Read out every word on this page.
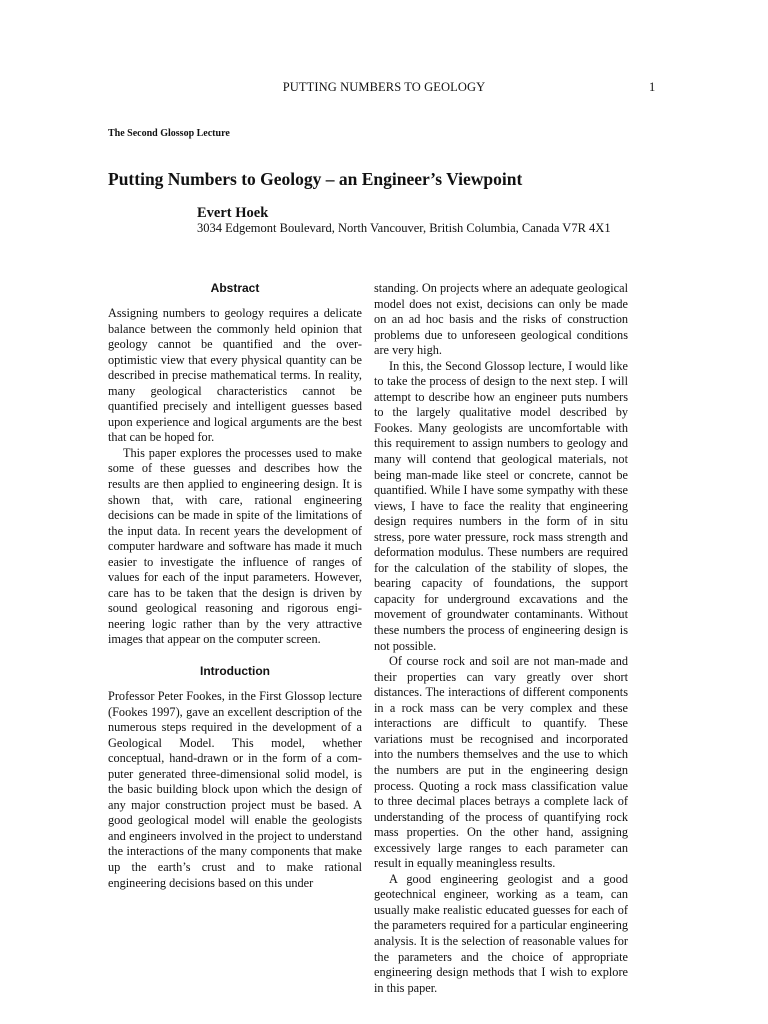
PUTTING NUMBERS TO GEOLOGY	1
The Second Glossop Lecture
Putting Numbers to Geology – an Engineer’s Viewpoint
Evert Hoek
3034 Edgemont Boulevard, North Vancouver, British Columbia, Canada V7R 4X1
Abstract

Assigning numbers to geology requires a delicate balance between the commonly held opinion that geology cannot be quantified and the over-optimistic view that every physical quantity can be described in precise mathematical terms. In reality, many geological characteristics cannot be quantified precisely and intelligent guesses based upon experience and logical arguments are the best that can be hoped for.

This paper explores the processes used to make some of these guesses and describes how the results are then applied to engineering design. It is shown that, with care, rational engineering decisions can be made in spite of the limitations of the input data. In recent years the development of computer hardware and software has made it much easier to investigate the influence of ranges of values for each of the input parameters. However, care has to be taken that the design is driven by sound geological reasoning and rigorous engineering logic rather than by the very attractive images that appear on the computer screen.

Introduction

Professor Peter Fookes, in the First Glossop lecture (Fookes 1997), gave an excellent description of the numerous steps required in the development of a Geological Model. This model, whether conceptual, hand-drawn or in the form of a computer generated three-dimensional solid model, is the basic building block upon which the design of any major construction project must be based. A good geological model will enable the geologists and engineers involved in the project to understand the interactions of the many components that make up the earth’s crust and to make rational engineering decisions based on this under

standing. On projects where an adequate geological model does not exist, decisions can only be made on an ad hoc basis and the risks of construction problems due to unforeseen geological conditions are very high.

In this, the Second Glossop lecture, I would like to take the process of design to the next step. I will attempt to describe how an engineer puts numbers to the largely qualitative model described by Fookes. Many geologists are uncomfortable with this requirement to assign numbers to geology and many will contend that geological materials, not being man-made like steel or concrete, cannot be quantified. While I have some sympathy with these views, I have to face the reality that engineering design requires numbers in the form of in situ stress, pore water pressure, rock mass strength and deformation modulus. These numbers are required for the calculation of the stability of slopes, the bearing capacity of foundations, the support capacity for underground excavations and the movement of groundwater contaminants. Without these numbers the process of engineering design is not possible.

Of course rock and soil are not man-made and their properties can vary greatly over short distances. The interactions of different components in a rock mass can be very complex and these interactions are difficult to quantify. These variations must be recognised and incorporated into the numbers themselves and the use to which the numbers are put in the engineering design process. Quoting a rock mass classification value to three decimal places betrays a complete lack of understanding of the process of quantifying rock mass properties. On the other hand, assigning excessively large ranges to each parameter can result in equally meaningless results.

A good engineering geologist and a good geotechnical engineer, working as a team, can usually make realistic educated guesses for each of the parameters required for a particular engineering analysis. It is the selection of reasonable values for the parameters and the choice of appropriate engineering design methods that I wish to explore in this paper.
